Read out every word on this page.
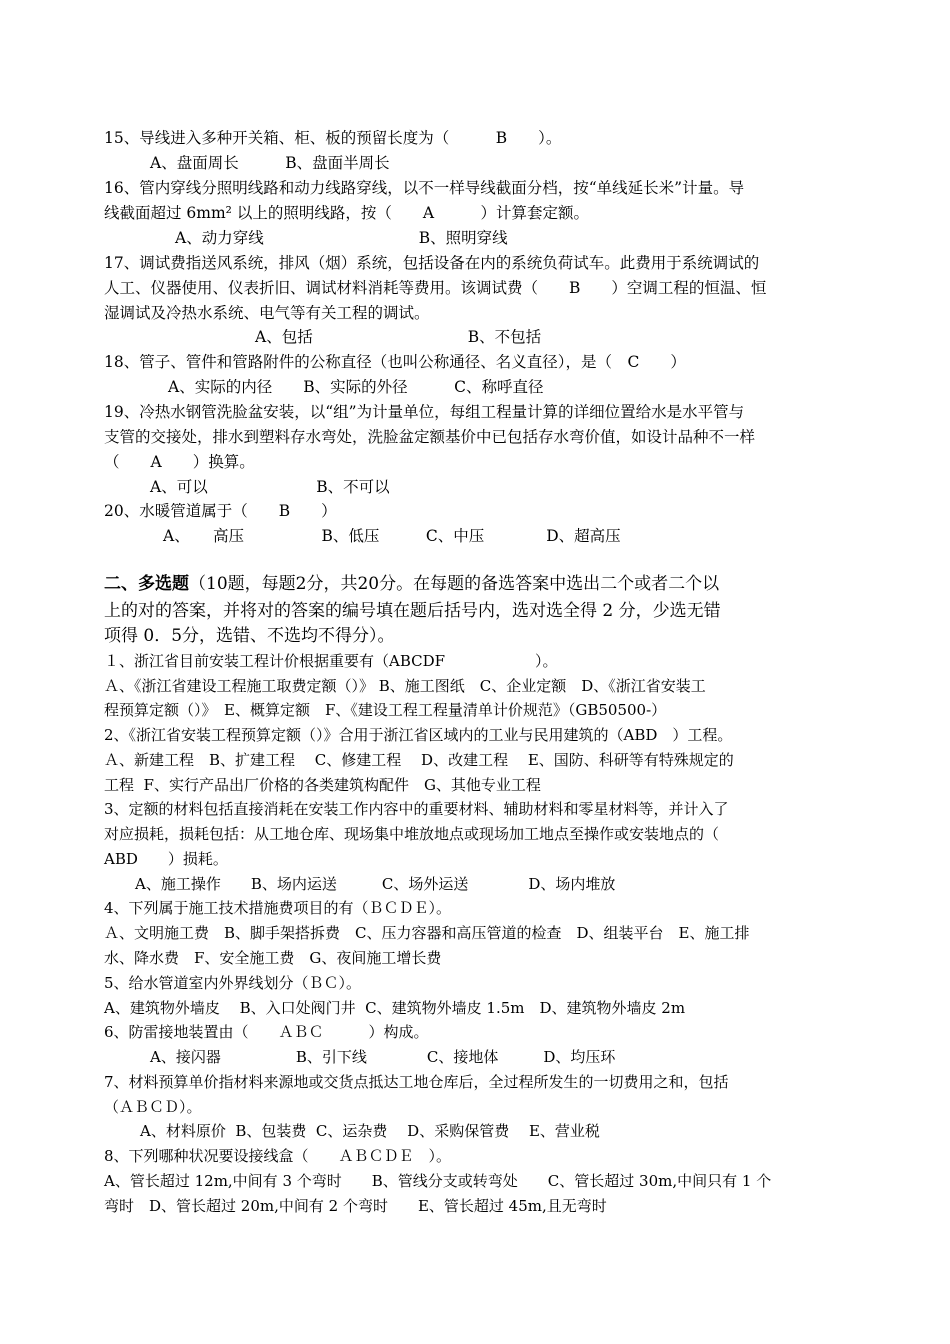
15、导线进入多种开关箱、柜、板的预留长度为（　　　B　　）。
A、盘面周长　　　B、盘面半周长
16、管内穿线分照明线路和动力线路穿线，以不一样导线截面分档，按“单线延长米”计量。导
线截面超过 6mm² 以上的照明线路，按（　　A　　　）计算套定额。
A、动力穿线　　　　　　　　　　B、照明穿线
17、调试费指送风系统，排风（烟）系统，包括设备在内的系统负荷试车。此费用于系统调试的
人工、仪器使用、仪表折旧、调试材料消耗等费用。该调试费（　　B　　）空调工程的恒温、恒
湿调试及冷热水系统、电气等有关工程的调试。
A、包括　　　　　　　　　　B、不包括
18、管子、管件和管路附件的公称直径（也叫公称通径、名义直径），是（　C　　）
A、实际的内径　　B、实际的外径　　　C、称呼直径
19、冷热水钢管洗脸盆安装，以“组”为计量单位，每组工程量计算的详细位置给水是水平管与
支管的交接处，排水到塑料存水弯处，洗脸盆定额基价中已包括存水弯价值，如设计品种不一样
（　　A　　）换算。
A、可以　　　　　　　B、不可以
20、水暖管道属于（　　B　　）
A、　　高压　　　　　B、低压　　　C、中压　　　　D、超高压
二、多选题（10题，每题2分，共20分。在每题的备选答案中选出二个或者二个以
上的对的答案，并将对的答案的编号填在题后括号内，选对选全得 2 分，少选无错
项得 0．5分，选错、不选均不得分）。
１、浙江省目前安装工程计价根据重要有（ABCDF　　　　　　）。
Ａ、《浙江省建设工程施工取费定额（）》 B、施工图纸　C、企业定额　D、《浙江省安装工
程预算定额（）》　E、概算定额　F、《建设工程工程量清单计价规范》（GB50500-）
2、《浙江省安装工程预算定额（）》合用于浙江省区域内的工业与民用建筑的（ABD　）工程。
Ａ、新建工程　B、扩建工程　 C、修建工程　 D、改建工程　 E、国防、科研等有特殊规定的
工程  F、实行产品出厂价格的各类建筑构配件　G、其他专业工程
3、定额的材料包括直接消耗在安装工作内容中的重要材料、辅助材料和零星材料等，并计入了
对应损耗，损耗包括：从工地仓库、现场集中堆放地点或现场加工地点至操作或安装地点的（
ABD　　）损耗。
A、施工操作　　B、场内运送　　　C、场外运送　　　　D、场内堆放
4、下列属于施工技术措施费项目的有（ＢＣＤＥ）。
Ａ、文明施工费　B、脚手架搭拆费　C、压力容器和高压管道的检查　D、组装平台　E、施工排
水、降水费　F、安全施工费　G、夜间施工增长费
5、给水管道室内外界线划分（ＢＣ）。
A、建筑物外墙皮　 B、入口处阀门井  C、建筑物外墙皮 1.5m　D、建筑物外墙皮 2m
6、防雷接地装置由（　　ＡＢＣ　　　）构成。
A、接闪器　　　　　B、引下线　　　　C、接地体　　　D、均压环
7、材料预算单价指材料来源地或交货点抵达工地仓库后，全过程所发生的一切费用之和，包括
（ＡＢＣＤ）。
A、材料原价  B、包装费  C、运杂费　 D、采购保管费　 E、营业税
8、下列哪种状况要设接线盒（　　ＡＢＣＤＥ　）。
A、管长超过 12m,中间有 3 个弯时　　B、管线分支或转弯处　　C、管长超过 30m,中间只有 1 个
弯时　D、管长超过 20m,中间有 2 个弯时　　E、管长超过 45m,且无弯时
